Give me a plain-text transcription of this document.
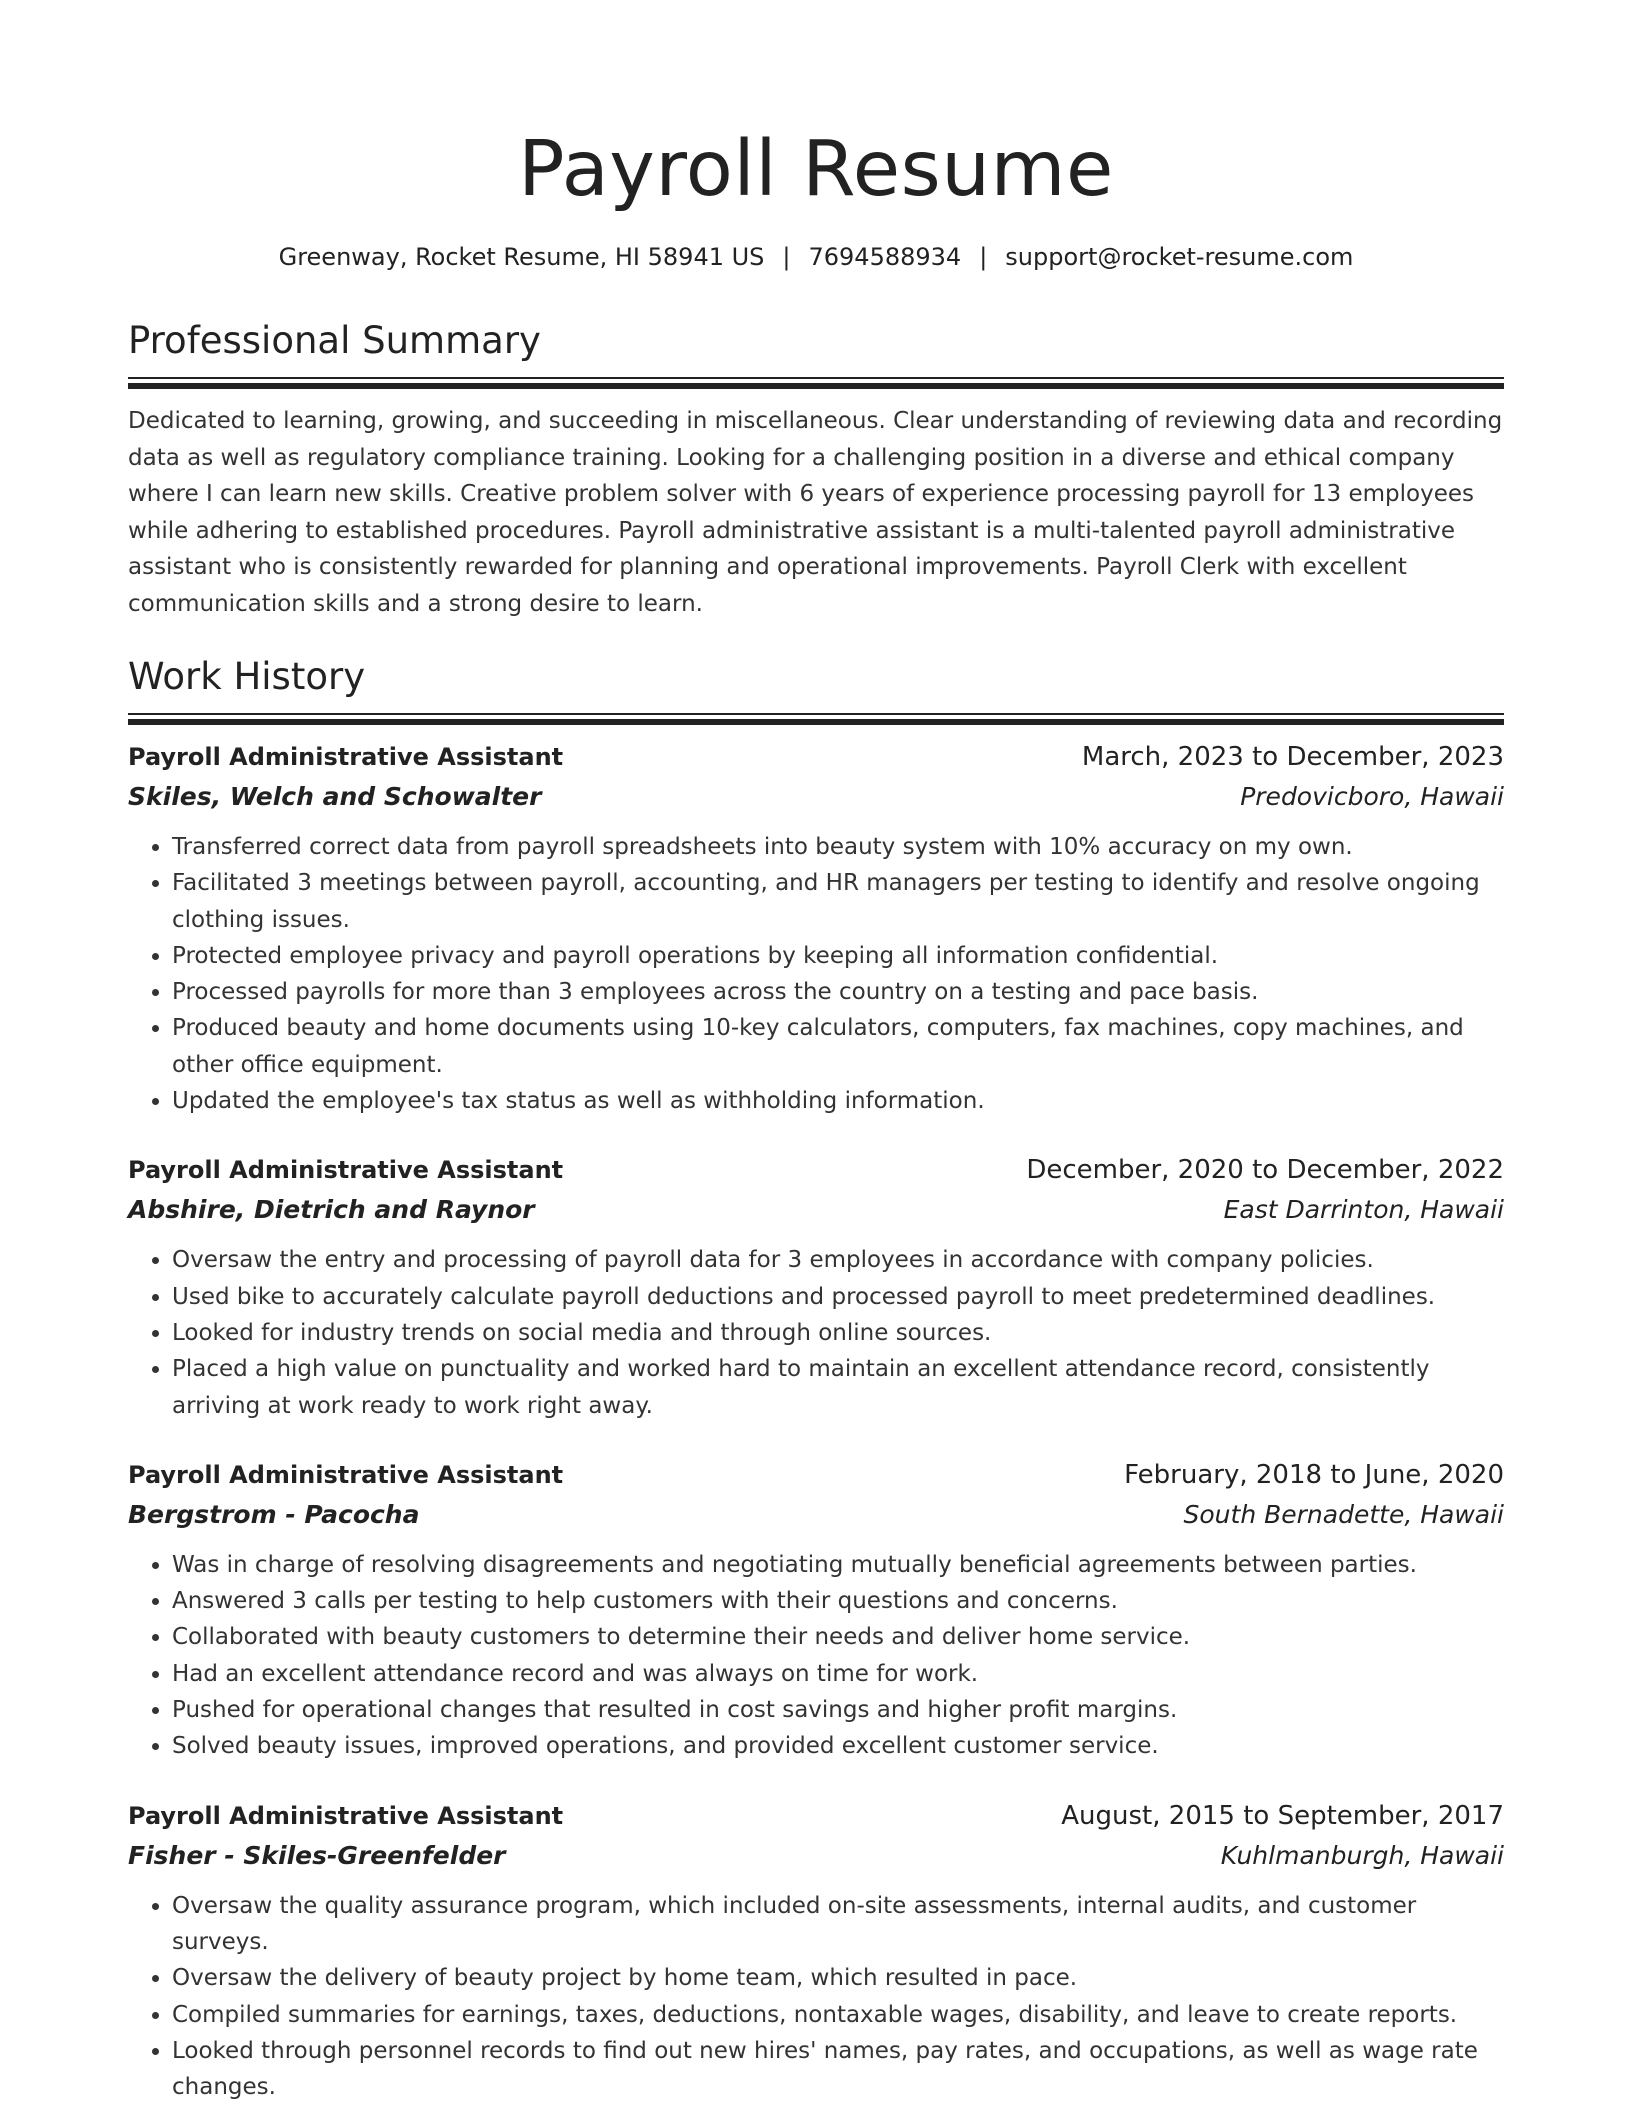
Payroll Resume
Greenway, Rocket Resume, HI 58941 US | 7694588934 | support@rocket-resume.com
Professional Summary
Dedicated to learning, growing, and succeeding in miscellaneous. Clear understanding of reviewing data and recording data as well as regulatory compliance training. Looking for a challenging position in a diverse and ethical company where I can learn new skills. Creative problem solver with 6 years of experience processing payroll for 13 employees while adhering to established procedures. Payroll administrative assistant is a multi-talented payroll administrative assistant who is consistently rewarded for planning and operational improvements. Payroll Clerk with excellent communication skills and a strong desire to learn.
Work History
Payroll Administrative Assistant	March, 2023 to December, 2023
Skiles, Welch and Schowalter	Predovicboro, Hawaii
• Transferred correct data from payroll spreadsheets into beauty system with 10% accuracy on my own.
• Facilitated 3 meetings between payroll, accounting, and HR managers per testing to identify and resolve ongoing clothing issues.
• Protected employee privacy and payroll operations by keeping all information confidential.
• Processed payrolls for more than 3 employees across the country on a testing and pace basis.
• Produced beauty and home documents using 10-key calculators, computers, fax machines, copy machines, and other office equipment.
• Updated the employee's tax status as well as withholding information.
Payroll Administrative Assistant	December, 2020 to December, 2022
Abshire, Dietrich and Raynor	East Darrinton, Hawaii
• Oversaw the entry and processing of payroll data for 3 employees in accordance with company policies.
• Used bike to accurately calculate payroll deductions and processed payroll to meet predetermined deadlines.
• Looked for industry trends on social media and through online sources.
• Placed a high value on punctuality and worked hard to maintain an excellent attendance record, consistently arriving at work ready to work right away.
Payroll Administrative Assistant	February, 2018 to June, 2020
Bergstrom - Pacocha	South Bernadette, Hawaii
• Was in charge of resolving disagreements and negotiating mutually beneficial agreements between parties.
• Answered 3 calls per testing to help customers with their questions and concerns.
• Collaborated with beauty customers to determine their needs and deliver home service.
• Had an excellent attendance record and was always on time for work.
• Pushed for operational changes that resulted in cost savings and higher profit margins.
• Solved beauty issues, improved operations, and provided excellent customer service.
Payroll Administrative Assistant	August, 2015 to September, 2017
Fisher - Skiles-Greenfelder	Kuhlmanburgh, Hawaii
• Oversaw the quality assurance program, which included on-site assessments, internal audits, and customer surveys.
• Oversaw the delivery of beauty project by home team, which resulted in pace.
• Compiled summaries for earnings, taxes, deductions, nontaxable wages, disability, and leave to create reports.
• Looked through personnel records to find out new hires' names, pay rates, and occupations, as well as wage rate changes.
